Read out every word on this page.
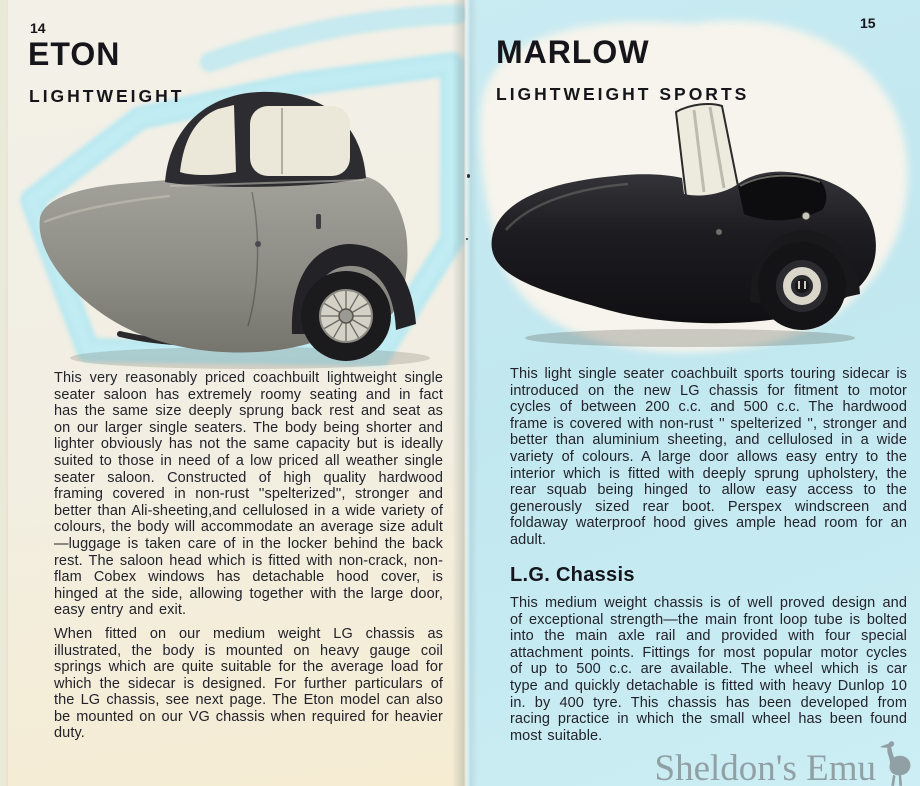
14
ETON
LIGHTWEIGHT

This very reasonably priced coachbuilt lightweight single seater saloon has extremely roomy seating and in fact has the same size deeply sprung back rest and seat as on our larger single seaters. The body being shorter and lighter obviously has not the same capacity but is ideally suited to those in need of a low priced all weather single seater saloon. Constructed of high quality hardwood framing covered in non-rust ''spelterized'', stronger and better than Ali-sheeting,and cellulosed in a wide variety of colours, the body will accommodate an average size adult—luggage is taken care of in the locker behind the back rest. The saloon head which is fitted with non-crack, non-flam Cobex windows has detachable hood cover, is hinged at the side, allowing together with the large door, easy entry and exit.

When fitted on our medium weight LG chassis as illustrated, the body is mounted on heavy gauge coil springs which are quite suitable for the average load for which the sidecar is designed. For further particulars of the LG chassis, see next page. The Eton model can also be mounted on our VG chassis when required for heavier duty.

15
MARLOW
LIGHTWEIGHT SPORTS

This light single seater coachbuilt sports touring sidecar is introduced on the new LG chassis for fitment to motor cycles of between 200 c.c. and 500 c.c. The hardwood frame is covered with non-rust '' spelterized '', stronger and better than aluminium sheeting, and cellulosed in a wide variety of colours. A large door allows easy entry to the interior which is fitted with deeply sprung upholstery, the rear squab being hinged to allow easy access to the generously sized rear boot. Perspex windscreen and foldaway waterproof hood gives ample head room for an adult.

L.G. Chassis

This medium weight chassis is of well proved design and of exceptional strength—the main front loop tube is bolted into the main axle rail and provided with four special attachment points. Fittings for most popular motor cycles of up to 500 c.c. are available. The wheel which is car type and quickly detachable is fitted with heavy Dunlop 10 in. by 400 tyre. This chassis has been developed from racing practice in which the small wheel has been found most suitable.

Sheldon's Emu
